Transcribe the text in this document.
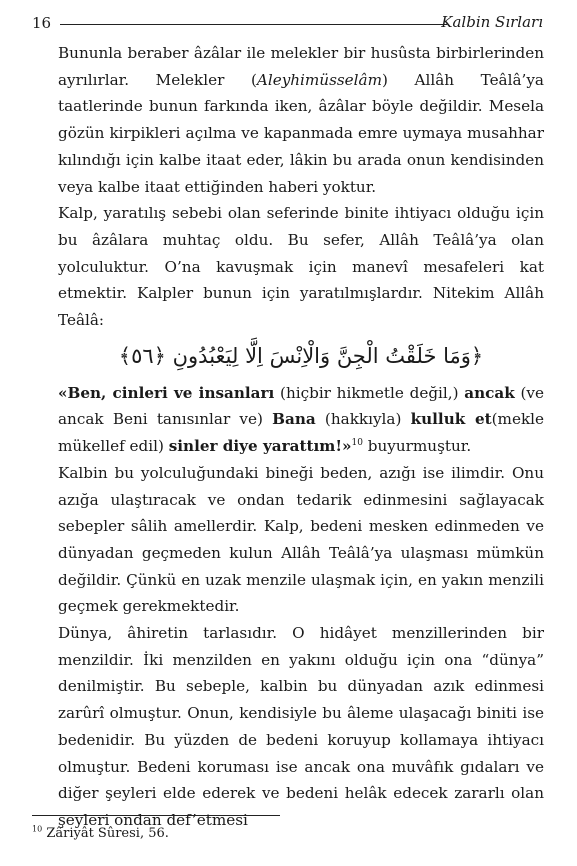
16	Kalbin Sırları

Bununla beraber âzâlar ile melekler bir husûsta birbirlerinden ayrılırlar. Melekler (Aleyhimüsselâm) Allâh Teâlâ’ya taatlerinde bunun farkında iken, âzâlar böyle değildir. Mesela gözün kirpikleri açılma ve kapanmada emre uymaya musahhar kılındığı için kalbe itaat eder, lâkin bu arada onun kendisinden veya kalbe itaat ettiğinden haberi yoktur.

Kalp, yaratılış sebebi olan seferinde binite ihtiyacı olduğu için bu âzâlara muhtaç oldu. Bu sefer, Allâh Teâlâ’ya olan yolculuktur. O’na kavuşmak için manevî mesafeleri kat etmektir. Kalpler bunun için yaratılmışlardır. Nitekim Allâh Teâlâ:

﴿وَمَا خَلَقْتُ الْجِنَّ وَالْاِنْسَ اِلَّا لِيَعْبُدُونِ ﴿٥٦﴾

«Ben, cinleri ve insanları (hiçbir hikmetle değil,) ancak (ve ancak Beni tanısınlar ve) Bana (hakkıyla) kulluk et(mekle mükellef edil) sinler diye yarattım!»$^{10}$ buyurmuştur.

Kalbin bu yolculuğundaki bineği beden, azığı ise ilimdir. Onu azığa ulaştıracak ve ondan tedarik edinmesini sağlayacak sebepler sâlih amellerdir. Kalp, bedeni mesken edinmeden ve dünyadan geçmeden kulun Allâh Teâlâ’ya ulaşması mümkün değildir. Çünkü en uzak menzile ulaşmak için, en yakın menzili geçmek gerekmektedir.

Dünya, âhiretin tarlasıdır. O hidâyet menzillerinden bir menzildir. İki menzilden en yakını olduğu için ona “dünya” denilmiştir. Bu sebeple, kalbin bu dünyadan azık edinmesi zarûrî olmuştur. Onun, kendisiyle bu âleme ulaşacağı biniti ise bedenidir. Bu yüzden de bedeni koruyup kollamaya ihtiyacı olmuştur. Bedeni koruması ise ancak ona muvâfık gıdaları ve diğer şeyleri elde ederek ve bedeni helâk edecek zararlı olan şeyleri ondan def’etmesi

$^{10}$ Zâriyât Sûresi, 56.
